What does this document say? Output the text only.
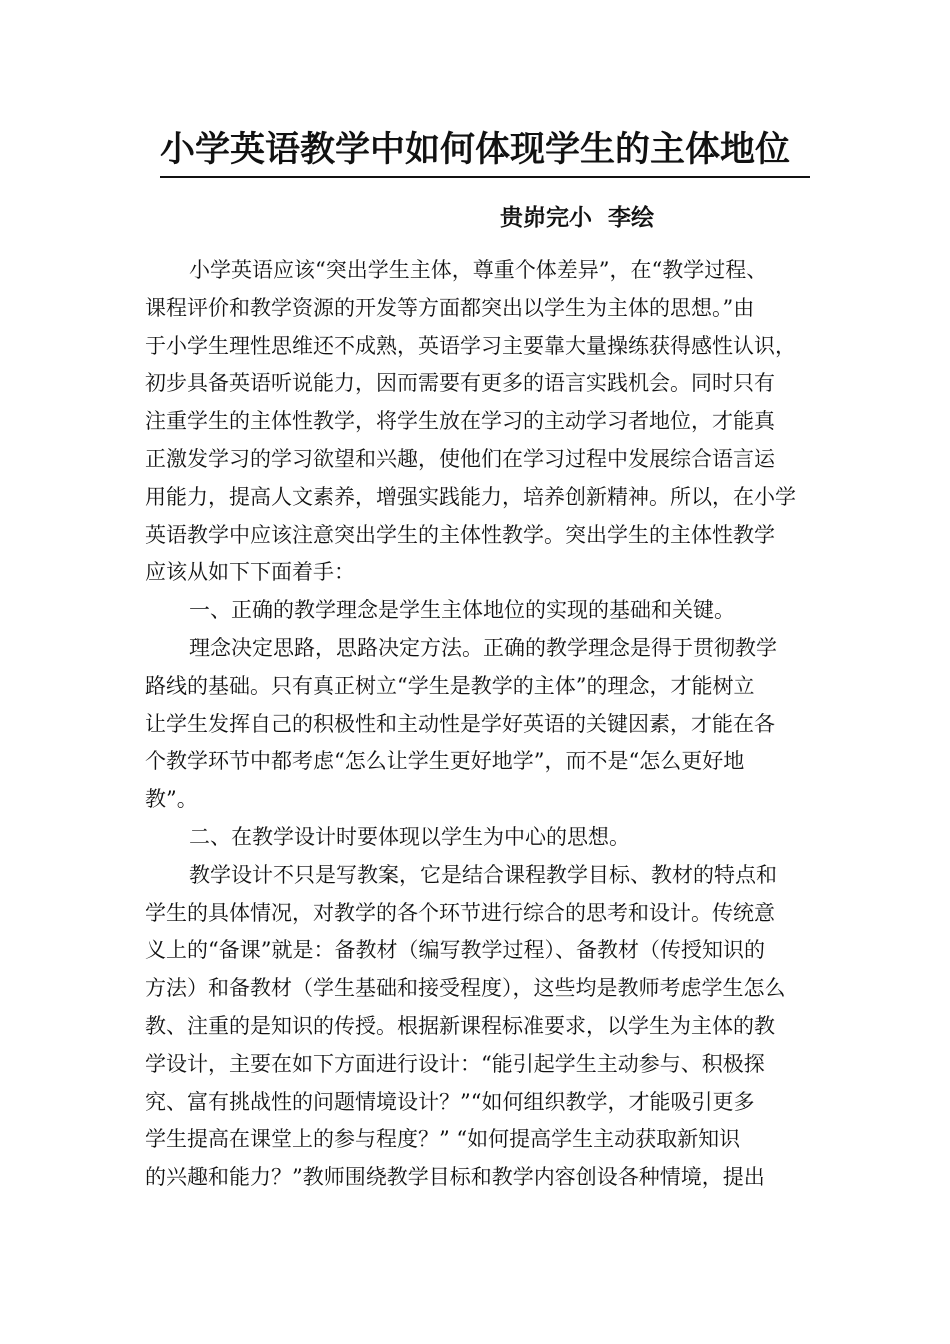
小学英语教学中如何体现学生的主体地位
贵峁完小 李绘
小学英语应该“突出学生主体，尊重个体差异”，在“教学过程、
课程评价和教学资源的开发等方面都突出以学生为主体的思想。”由
于小学生理性思维还不成熟，英语学习主要靠大量操练获得感性认识，
初步具备英语听说能力，因而需要有更多的语言实践机会。同时只有
注重学生的主体性教学，将学生放在学习的主动学习者地位，才能真
正激发学习的学习欲望和兴趣，使他们在学习过程中发展综合语言运
用能力，提高人文素养，增强实践能力，培养创新精神。所以，在小学
英语教学中应该注意突出学生的主体性教学。突出学生的主体性教学
应该从如下下面着手：
一、正确的教学理念是学生主体地位的实现的基础和关键。
理念决定思路，思路决定方法。正确的教学理念是得于贯彻教学
路线的基础。只有真正树立“学生是教学的主体”的理念，才能树立
让学生发挥自己的积极性和主动性是学好英语的关键因素，才能在各
个教学环节中都考虑“怎么让学生更好地学”，而不是“怎么更好地
教”。
二、在教学设计时要体现以学生为中心的思想。
教学设计不只是写教案，它是结合课程教学目标、教材的特点和
学生的具体情况，对教学的各个环节进行综合的思考和设计。传统意
义上的“备课”就是：备教材（编写教学过程）、备教材（传授知识的
方法）和备教材（学生基础和接受程度），这些均是教师考虑学生怎么
教、注重的是知识的传授。根据新课程标准要求，以学生为主体的教
学设计，主要在如下方面进行设计：“能引起学生主动参与、积极探
究、富有挑战性的问题情境设计？”“如何组织教学，才能吸引更多
学生提高在课堂上的参与程度？” “如何提高学生主动获取新知识
的兴趣和能力？”教师围绕教学目标和教学内容创设各种情境，提出
